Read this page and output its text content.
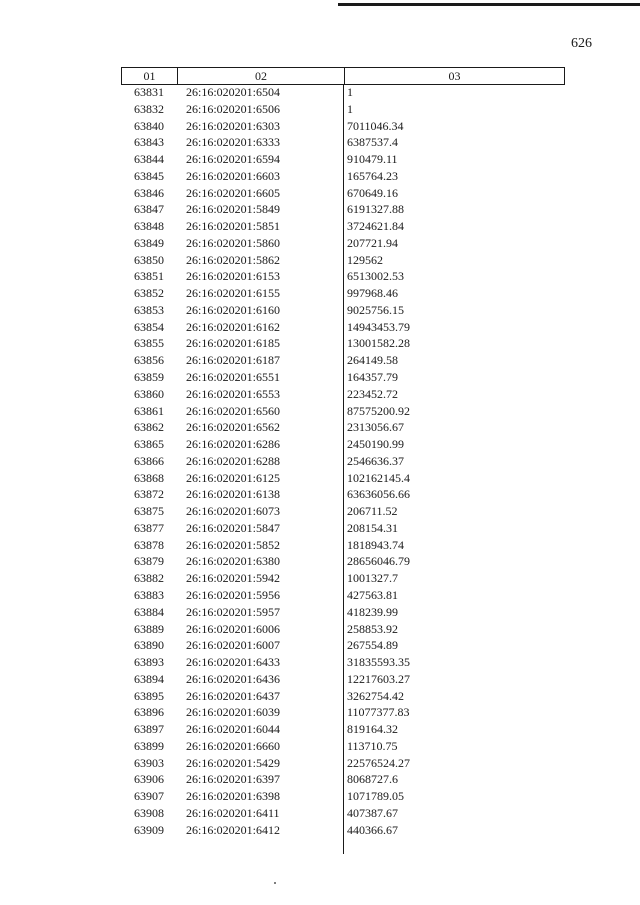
626
01	02	03
63831	26:16:020201:6504	1
63832	26:16:020201:6506	1
63840	26:16:020201:6303	7011046.34
63843	26:16:020201:6333	6387537.4
63844	26:16:020201:6594	910479.11
63845	26:16:020201:6603	165764.23
63846	26:16:020201:6605	670649.16
63847	26:16:020201:5849	6191327.88
63848	26:16:020201:5851	3724621.84
63849	26:16:020201:5860	207721.94
63850	26:16:020201:5862	129562
63851	26:16:020201:6153	6513002.53
63852	26:16:020201:6155	997968.46
63853	26:16:020201:6160	9025756.15
63854	26:16:020201:6162	14943453.79
63855	26:16:020201:6185	13001582.28
63856	26:16:020201:6187	264149.58
63859	26:16:020201:6551	164357.79
63860	26:16:020201:6553	223452.72
63861	26:16:020201:6560	87575200.92
63862	26:16:020201:6562	2313056.67
63865	26:16:020201:6286	2450190.99
63866	26:16:020201:6288	2546636.37
63868	26:16:020201:6125	102162145.4
63872	26:16:020201:6138	63636056.66
63875	26:16:020201:6073	206711.52
63877	26:16:020201:5847	208154.31
63878	26:16:020201:5852	1818943.74
63879	26:16:020201:6380	28656046.79
63882	26:16:020201:5942	1001327.7
63883	26:16:020201:5956	427563.81
63884	26:16:020201:5957	418239.99
63889	26:16:020201:6006	258853.92
63890	26:16:020201:6007	267554.89
63893	26:16:020201:6433	31835593.35
63894	26:16:020201:6436	12217603.27
63895	26:16:020201:6437	3262754.42
63896	26:16:020201:6039	11077377.83
63897	26:16:020201:6044	819164.32
63899	26:16:020201:6660	113710.75
63903	26:16:020201:5429	22576524.27
63906	26:16:020201:6397	8068727.6
63907	26:16:020201:6398	1071789.05
63908	26:16:020201:6411	407387.67
63909	26:16:020201:6412	440366.67
